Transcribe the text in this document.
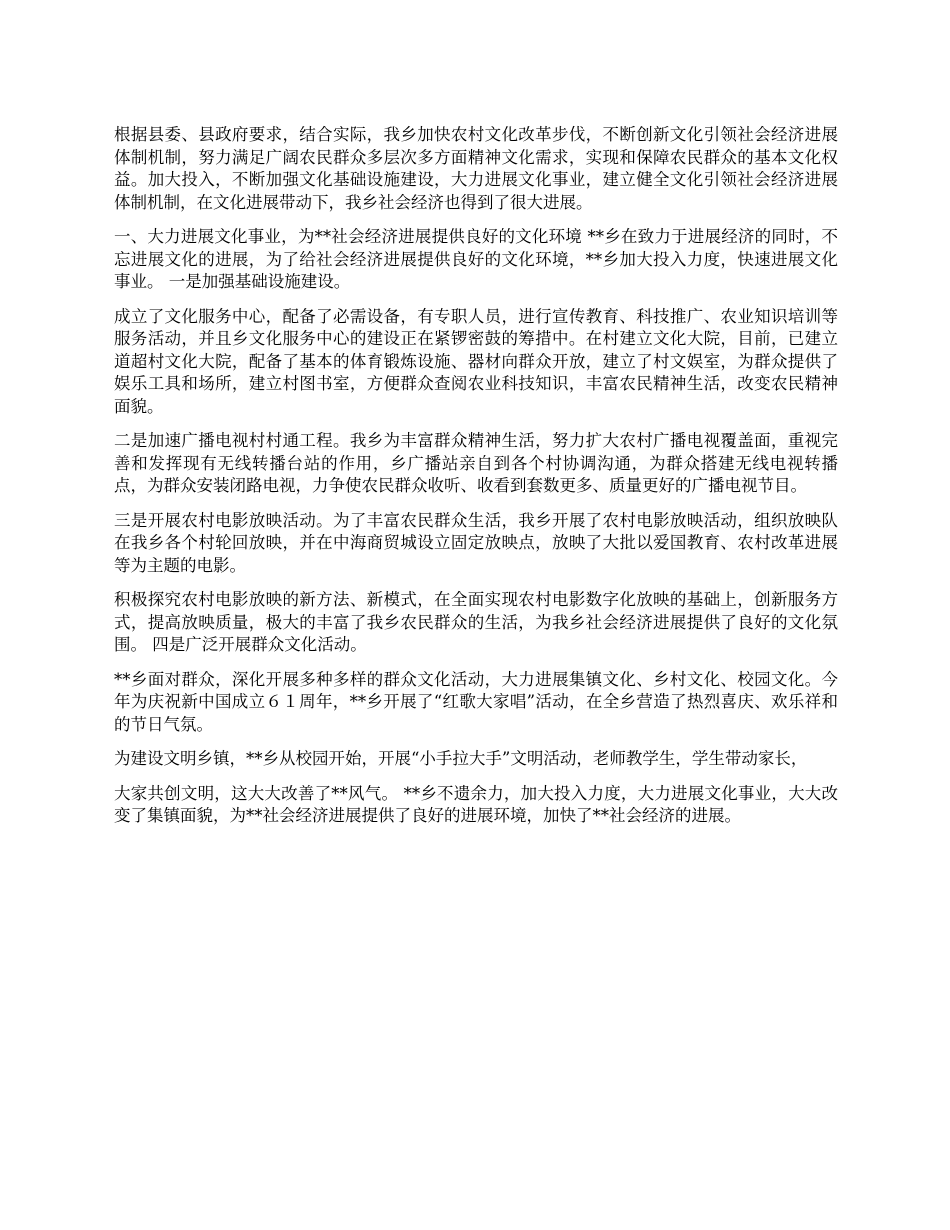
根据县委、县政府要求，结合实际，我乡加快农村文化改革步伐，不断创新文化引领社会经济进展体制机制，努力满足广阔农民群众多层次多方面精神文化需求，实现和保障农民群众的基本文化权益。加大投入，不断加强文化基础设施建设，大力进展文化事业，建立健全文化引领社会经济进展体制机制，在文化进展带动下，我乡社会经济也得到了很大进展。

一、大力进展文化事业，为**社会经济进展提供良好的文化环境 **乡在致力于进展经济的同时，不忘进展文化的进展，为了给社会经济进展提供良好的文化环境，**乡加大投入力度，快速进展文化事业。 一是加强基础设施建设。

成立了文化服务中心，配备了必需设备，有专职人员，进行宣传教育、科技推广、农业知识培训等服务活动，并且乡文化服务中心的建设正在紧锣密鼓的筹措中。在村建立文化大院，目前，已建立道超村文化大院，配备了基本的体育锻炼设施、器材向群众开放，建立了村文娱室，为群众提供了娱乐工具和场所，建立村图书室，方便群众查阅农业科技知识，丰富农民精神生活，改变农民精神面貌。

二是加速广播电视村村通工程。我乡为丰富群众精神生活，努力扩大农村广播电视覆盖面，重视完善和发挥现有无线转播台站的作用，乡广播站亲自到各个村协调沟通，为群众搭建无线电视转播点，为群众安装闭路电视，力争使农民群众收听、收看到套数更多、质量更好的广播电视节目。

三是开展农村电影放映活动。为了丰富农民群众生活，我乡开展了农村电影放映活动，组织放映队在我乡各个村轮回放映，并在中海商贸城设立固定放映点，放映了大批以爱国教育、农村改革进展等为主题的电影。

积极探究农村电影放映的新方法、新模式，在全面实现农村电影数字化放映的基础上，创新服务方式，提高放映质量，极大的丰富了我乡农民群众的生活，为我乡社会经济进展提供了良好的文化氛围。 四是广泛开展群众文化活动。

**乡面对群众，深化开展多种多样的群众文化活动，大力进展集镇文化、乡村文化、校园文化。今年为庆祝新中国成立６１周年，**乡开展了“红歌大家唱”活动，在全乡营造了热烈喜庆、欢乐祥和的节日气氛。

为建设文明乡镇，**乡从校园开始，开展“小手拉大手”文明活动，老师教学生，学生带动家长，

大家共创文明，这大大改善了**风气。 **乡不遗余力，加大投入力度，大力进展文化事业，大大改变了集镇面貌，为**社会经济进展提供了良好的进展环境，加快了**社会经济的进展。
